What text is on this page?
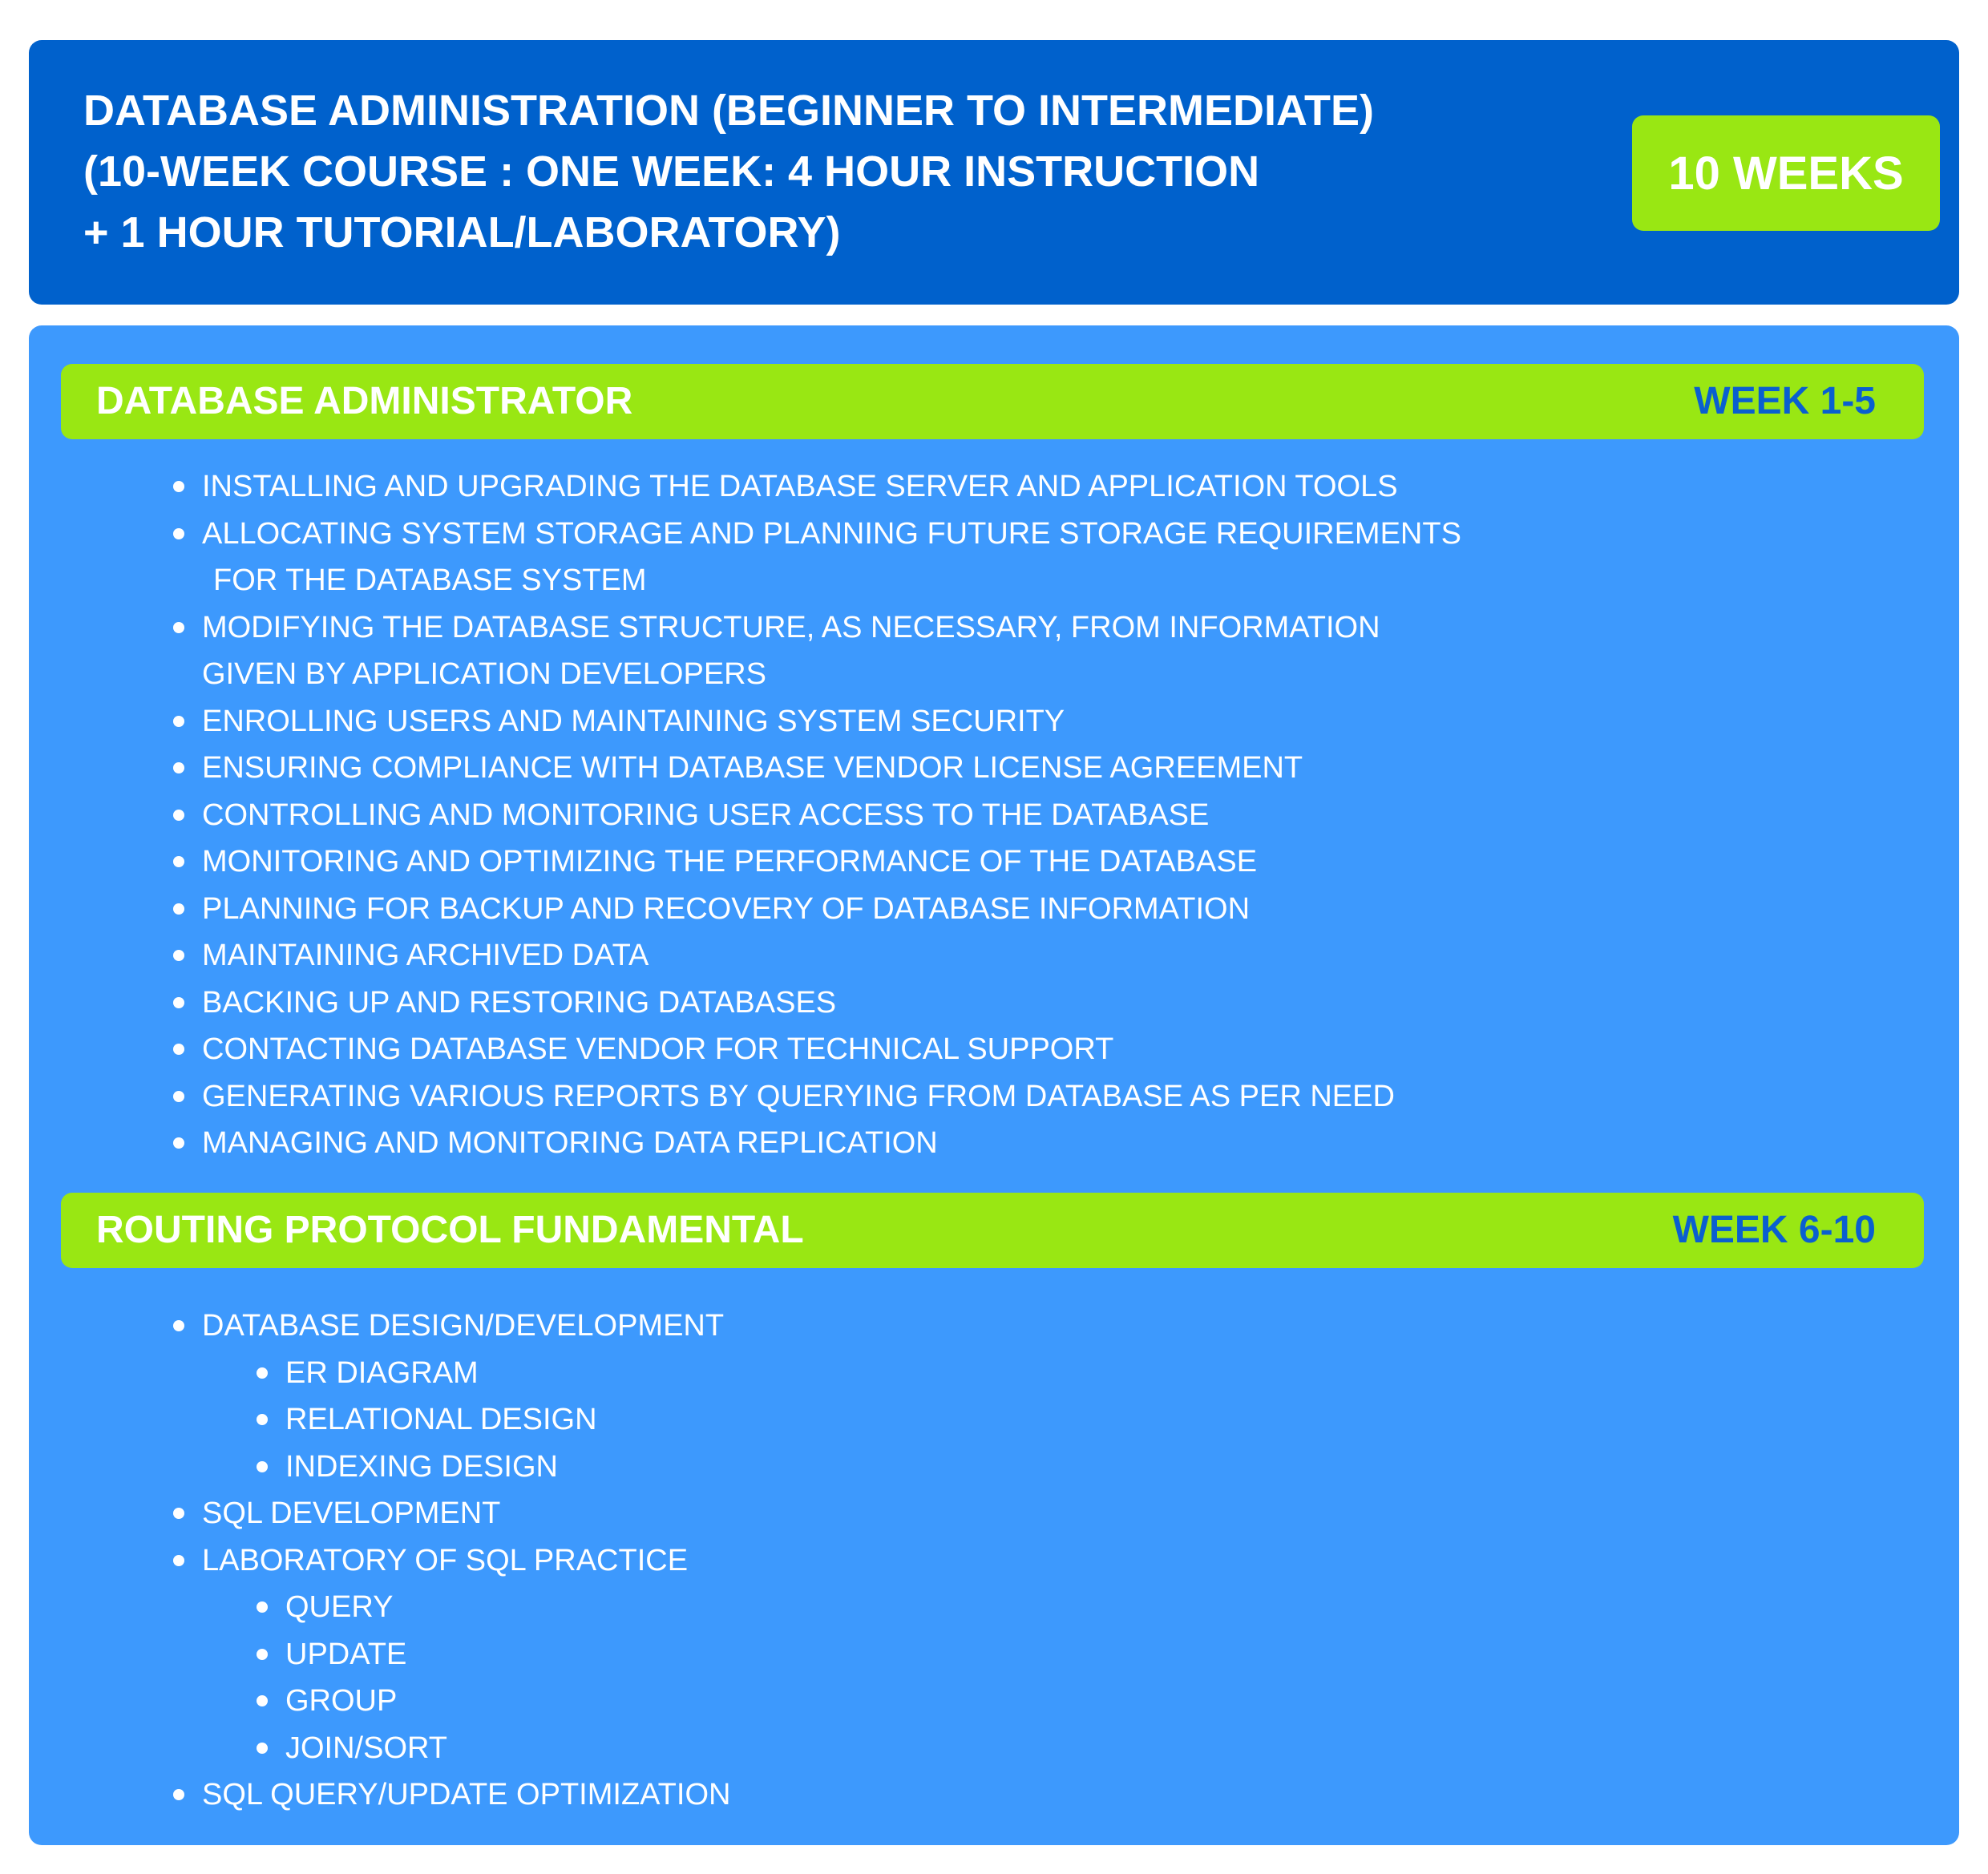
DATABASE ADMINISTRATION (BEGINNER TO INTERMEDIATE)
(10-WEEK COURSE : ONE WEEK: 4 HOUR INSTRUCTION
+ 1 HOUR TUTORIAL/LABORATORY)
10 WEEKS
DATABASE ADMINISTRATOR	WEEK 1-5
INSTALLING AND UPGRADING THE DATABASE SERVER AND APPLICATION TOOLS
ALLOCATING SYSTEM STORAGE AND PLANNING FUTURE STORAGE REQUIREMENTS
FOR THE DATABASE SYSTEM
MODIFYING THE DATABASE STRUCTURE, AS NECESSARY, FROM INFORMATION
GIVEN BY APPLICATION DEVELOPERS
ENROLLING USERS AND MAINTAINING SYSTEM SECURITY
ENSURING COMPLIANCE WITH DATABASE VENDOR LICENSE AGREEMENT
CONTROLLING AND MONITORING USER ACCESS TO THE DATABASE
MONITORING AND OPTIMIZING THE PERFORMANCE OF THE DATABASE
PLANNING FOR BACKUP AND RECOVERY OF DATABASE INFORMATION
MAINTAINING ARCHIVED DATA
BACKING UP AND RESTORING DATABASES
CONTACTING DATABASE VENDOR FOR TECHNICAL SUPPORT
GENERATING VARIOUS REPORTS BY QUERYING FROM DATABASE AS PER NEED
MANAGING AND MONITORING DATA REPLICATION
ROUTING PROTOCOL FUNDAMENTAL	WEEK 6-10
DATABASE DESIGN/DEVELOPMENT
ER DIAGRAM
RELATIONAL DESIGN
INDEXING DESIGN
SQL DEVELOPMENT
LABORATORY OF SQL PRACTICE
QUERY
UPDATE
GROUP
JOIN/SORT
SQL QUERY/UPDATE OPTIMIZATION
